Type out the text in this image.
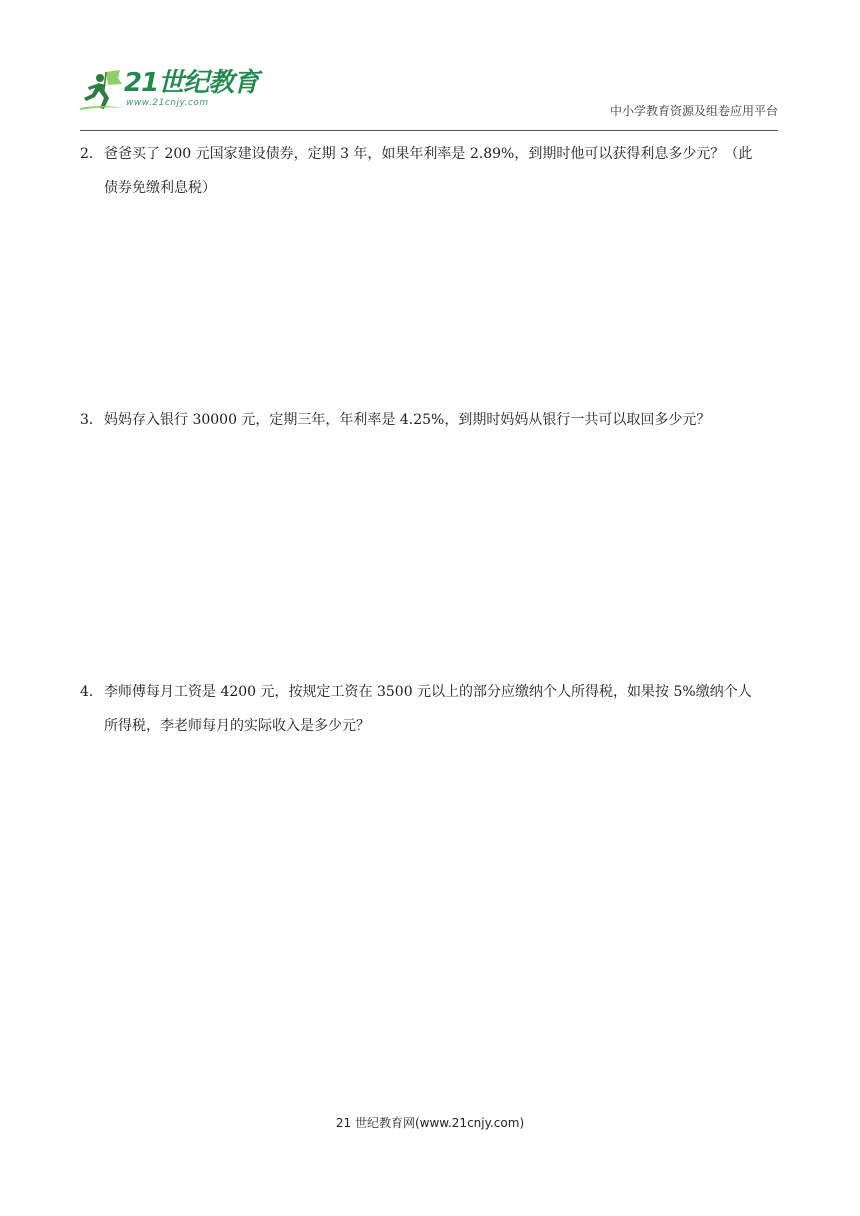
21世纪教育
www.21cnjy.com
中小学教育资源及组卷应用平台
2．爸爸买了 200 元国家建设债券，定期 3 年，如果年利率是 2.89%，到期时他可以获得利息多少元？（此
债券免缴利息税）
3．妈妈存入银行 30000 元，定期三年，年利率是 4.25%，到期时妈妈从银行一共可以取回多少元？
4．李师傅每月工资是 4200 元，按规定工资在 3500 元以上的部分应缴纳个人所得税，如果按 5%缴纳个人
所得税，李老师每月的实际收入是多少元？
21 世纪教育网(www.21cnjy.com)
